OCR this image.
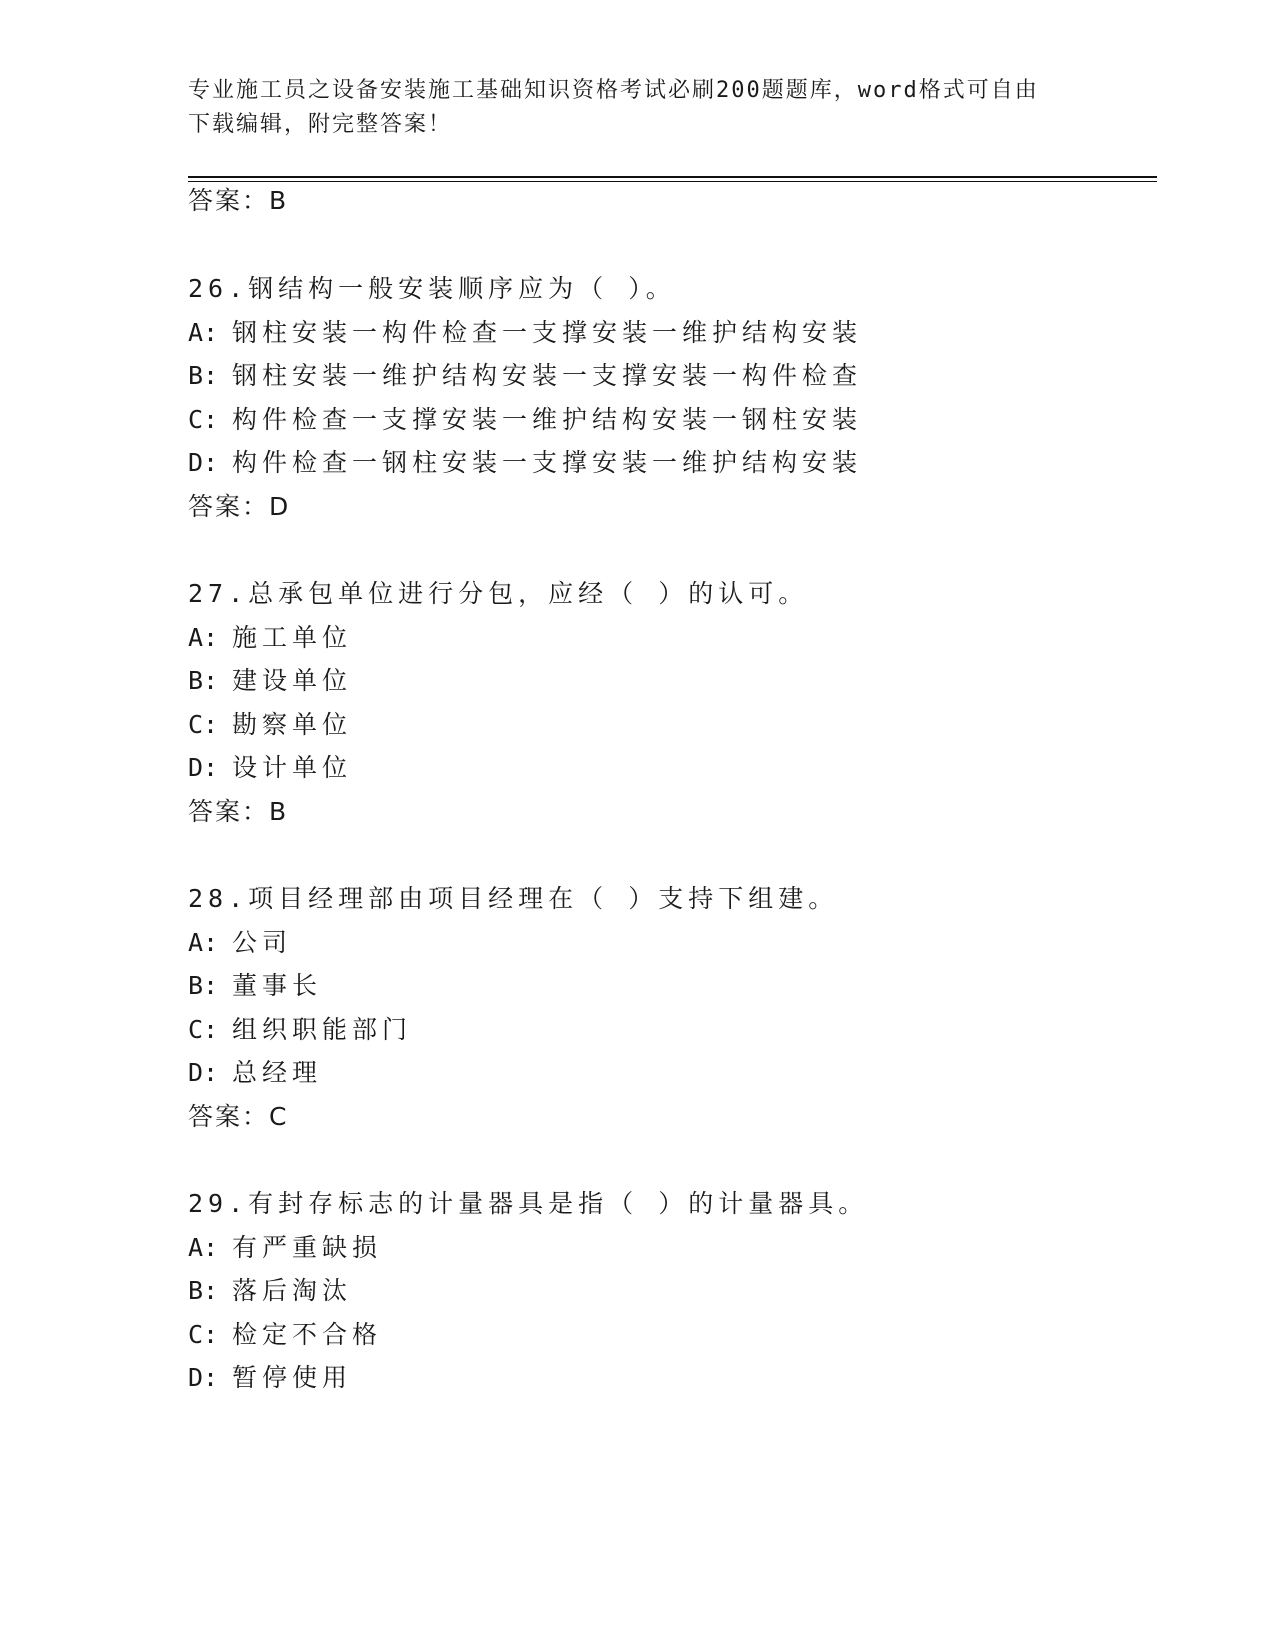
专业施工员之设备安装施工基础知识资格考试必刷200题题库，word格式可自由
下载编辑，附完整答案！
答案：B
26.钢结构一般安装顺序应为（ ）。
A: 钢柱安装一构件检查一支撑安装一维护结构安装
B: 钢柱安装一维护结构安装一支撑安装一构件检查
C: 构件检查一支撑安装一维护结构安装一钢柱安装
D: 构件检查一钢柱安装一支撑安装一维护结构安装
答案：D
27.总承包单位进行分包，应经（ ）的认可。
A: 施工单位
B: 建设单位
C: 勘察单位
D: 设计单位
答案：B
28.项目经理部由项目经理在（ ）支持下组建。
A: 公司
B: 董事长
C: 组织职能部门
D: 总经理
答案：C
29.有封存标志的计量器具是指（ ）的计量器具。
A: 有严重缺损
B: 落后淘汰
C: 检定不合格
D: 暂停使用
